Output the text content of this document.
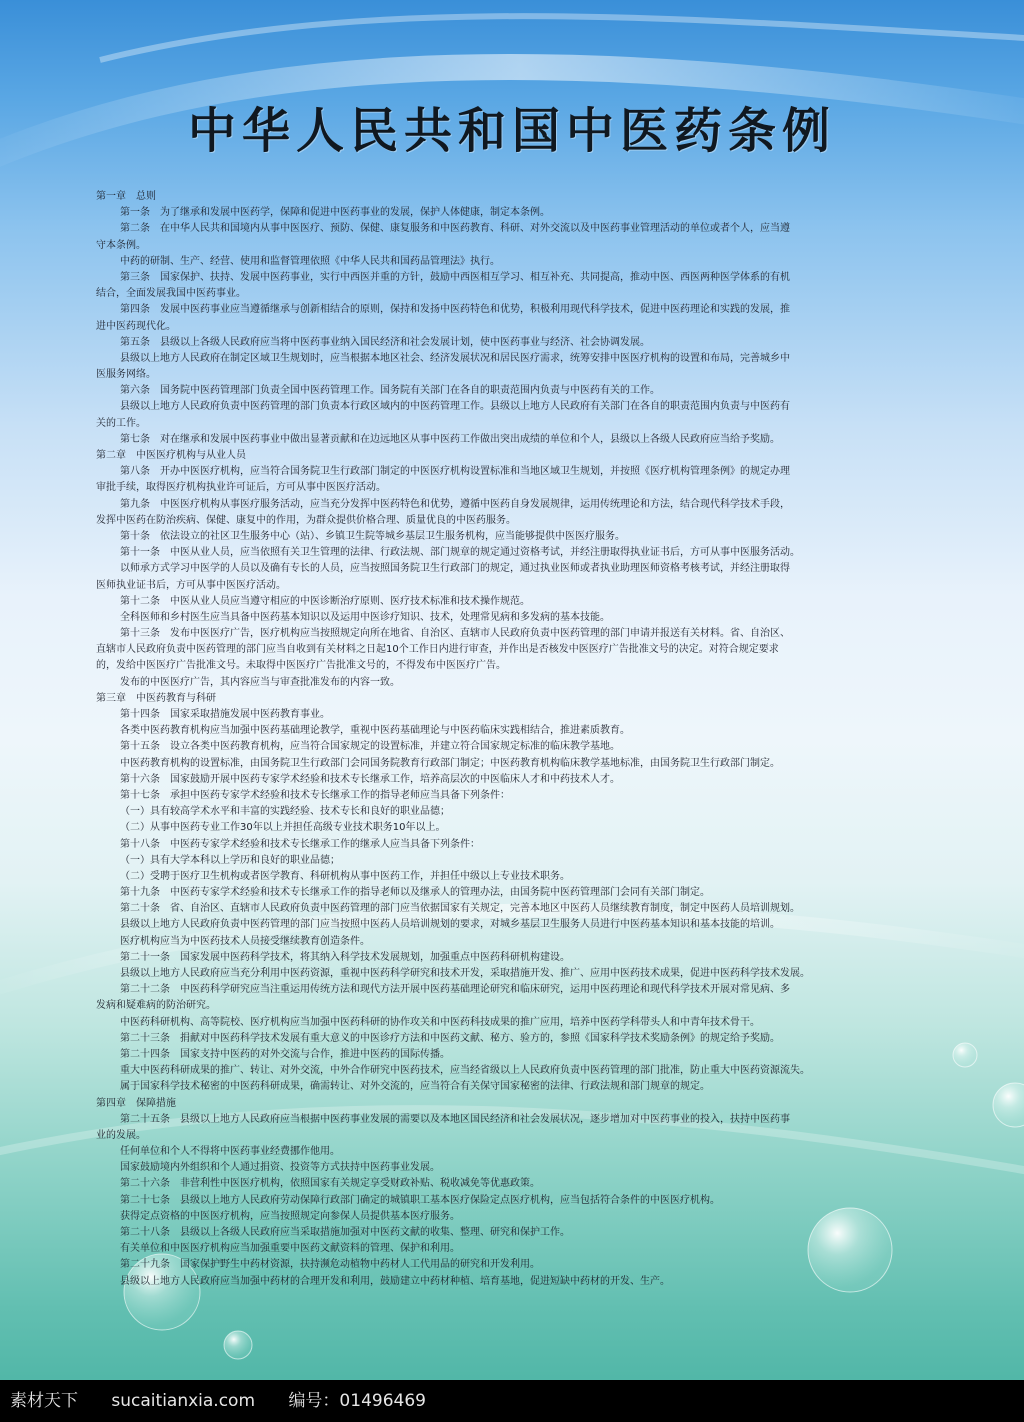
中华人民共和国中医药条例
第一章　总则
第一条　为了继承和发展中医药学，保障和促进中医药事业的发展，保护人体健康，制定本条例。
第二条　在中华人民共和国境内从事中医医疗、预防、保健、康复服务和中医药教育、科研、对外交流以及中医药事业管理活动的单位或者个人，应当遵
守本条例。
中药的研制、生产、经营、使用和监督管理依照《中华人民共和国药品管理法》执行。
第三条　国家保护、扶持、发展中医药事业，实行中西医并重的方针，鼓励中西医相互学习、相互补充、共同提高，推动中医、西医两种医学体系的有机
结合，全面发展我国中医药事业。
第四条　发展中医药事业应当遵循继承与创新相结合的原则，保持和发扬中医药特色和优势，积极利用现代科学技术，促进中医药理论和实践的发展，推
进中医药现代化。
第五条　县级以上各级人民政府应当将中医药事业纳入国民经济和社会发展计划，使中医药事业与经济、社会协调发展。
县级以上地方人民政府在制定区域卫生规划时，应当根据本地区社会、经济发展状况和居民医疗需求，统筹安排中医医疗机构的设置和布局，完善城乡中
医服务网络。
第六条　国务院中医药管理部门负责全国中医药管理工作。国务院有关部门在各自的职责范围内负责与中医药有关的工作。
县级以上地方人民政府负责中医药管理的部门负责本行政区域内的中医药管理工作。县级以上地方人民政府有关部门在各自的职责范围内负责与中医药有
关的工作。
第七条　对在继承和发展中医药事业中做出显著贡献和在边远地区从事中医药工作做出突出成绩的单位和个人，县级以上各级人民政府应当给予奖励。
第二章　中医医疗机构与从业人员
第八条　开办中医医疗机构，应当符合国务院卫生行政部门制定的中医医疗机构设置标准和当地区域卫生规划，并按照《医疗机构管理条例》的规定办理
审批手续，取得医疗机构执业许可证后，方可从事中医医疗活动。
第九条　中医医疗机构从事医疗服务活动，应当充分发挥中医药特色和优势，遵循中医药自身发展规律，运用传统理论和方法，结合现代科学技术手段，
发挥中医药在防治疾病、保健、康复中的作用，为群众提供价格合理、质量优良的中医药服务。
第十条　依法设立的社区卫生服务中心（站）、乡镇卫生院等城乡基层卫生服务机构，应当能够提供中医医疗服务。
第十一条　中医从业人员，应当依照有关卫生管理的法律、行政法规、部门规章的规定通过资格考试，并经注册取得执业证书后，方可从事中医服务活动。
以师承方式学习中医学的人员以及确有专长的人员，应当按照国务院卫生行政部门的规定，通过执业医师或者执业助理医师资格考核考试，并经注册取得
医师执业证书后，方可从事中医医疗活动。
第十二条　中医从业人员应当遵守相应的中医诊断治疗原则、医疗技术标准和技术操作规范。
全科医师和乡村医生应当具备中医药基本知识以及运用中医诊疗知识、技术，处理常见病和多发病的基本技能。
第十三条　发布中医医疗广告，医疗机构应当按照规定向所在地省、自治区、直辖市人民政府负责中医药管理的部门申请并报送有关材料。省、自治区、
直辖市人民政府负责中医药管理的部门应当自收到有关材料之日起10个工作日内进行审查，并作出是否核发中医医疗广告批准文号的决定。对符合规定要求
的，发给中医医疗广告批准文号。未取得中医医疗广告批准文号的，不得发布中医医疗广告。
发布的中医医疗广告，其内容应当与审查批准发布的内容一致。
第三章　中医药教育与科研
第十四条　国家采取措施发展中医药教育事业。
各类中医药教育机构应当加强中医药基础理论教学，重视中医药基础理论与中医药临床实践相结合，推进素质教育。
第十五条　设立各类中医药教育机构，应当符合国家规定的设置标准，并建立符合国家规定标准的临床教学基地。
中医药教育机构的设置标准，由国务院卫生行政部门会同国务院教育行政部门制定；中医药教育机构临床教学基地标准，由国务院卫生行政部门制定。
第十六条　国家鼓励开展中医药专家学术经验和技术专长继承工作，培养高层次的中医临床人才和中药技术人才。
第十七条　承担中医药专家学术经验和技术专长继承工作的指导老师应当具备下列条件：
（一）具有较高学术水平和丰富的实践经验、技术专长和良好的职业品德；
（二）从事中医药专业工作30年以上并担任高级专业技术职务10年以上。
第十八条　中医药专家学术经验和技术专长继承工作的继承人应当具备下列条件：
（一）具有大学本科以上学历和良好的职业品德；
（二）受聘于医疗卫生机构或者医学教育、科研机构从事中医药工作，并担任中级以上专业技术职务。
第十九条　中医药专家学术经验和技术专长继承工作的指导老师以及继承人的管理办法，由国务院中医药管理部门会同有关部门制定。
第二十条　省、自治区、直辖市人民政府负责中医药管理的部门应当依据国家有关规定，完善本地区中医药人员继续教育制度，制定中医药人员培训规划。
县级以上地方人民政府负责中医药管理的部门应当按照中医药人员培训规划的要求，对城乡基层卫生服务人员进行中医药基本知识和基本技能的培训。
医疗机构应当为中医药技术人员接受继续教育创造条件。
第二十一条　国家发展中医药科学技术，将其纳入科学技术发展规划，加强重点中医药科研机构建设。
县级以上地方人民政府应当充分利用中医药资源，重视中医药科学研究和技术开发，采取措施开发、推广、应用中医药技术成果，促进中医药科学技术发展。
第二十二条　中医药科学研究应当注重运用传统方法和现代方法开展中医药基础理论研究和临床研究，运用中医药理论和现代科学技术开展对常见病、多
发病和疑难病的防治研究。
中医药科研机构、高等院校、医疗机构应当加强中医药科研的协作攻关和中医药科技成果的推广应用，培养中医药学科带头人和中青年技术骨干。
第二十三条　捐献对中医药科学技术发展有重大意义的中医诊疗方法和中医药文献、秘方、验方的，参照《国家科学技术奖励条例》的规定给予奖励。
第二十四条　国家支持中医药的对外交流与合作，推进中医药的国际传播。
重大中医药科研成果的推广、转让、对外交流，中外合作研究中医药技术，应当经省级以上人民政府负责中医药管理的部门批准，防止重大中医药资源流失。
属于国家科学技术秘密的中医药科研成果，确需转让、对外交流的，应当符合有关保守国家秘密的法律、行政法规和部门规章的规定。
第四章　保障措施
第二十五条　县级以上地方人民政府应当根据中医药事业发展的需要以及本地区国民经济和社会发展状况，逐步增加对中医药事业的投入，扶持中医药事
业的发展。
任何单位和个人不得将中医药事业经费挪作他用。
国家鼓励境内外组织和个人通过捐资、投资等方式扶持中医药事业发展。
第二十六条　非营利性中医医疗机构，依照国家有关规定享受财政补贴、税收减免等优惠政策。
第二十七条　县级以上地方人民政府劳动保障行政部门确定的城镇职工基本医疗保险定点医疗机构，应当包括符合条件的中医医疗机构。
获得定点资格的中医医疗机构，应当按照规定向参保人员提供基本医疗服务。
第二十八条　县级以上各级人民政府应当采取措施加强对中医药文献的收集、整理、研究和保护工作。
有关单位和中医医疗机构应当加强重要中医药文献资料的管理、保护和利用。
第二十九条　国家保护野生中药材资源，扶持濒危动植物中药材人工代用品的研究和开发利用。
县级以上地方人民政府应当加强中药材的合理开发和利用，鼓励建立中药材种植、培育基地，促进短缺中药材的开发、生产。
素材天下 sucaitianxia.com 编号：01496469
